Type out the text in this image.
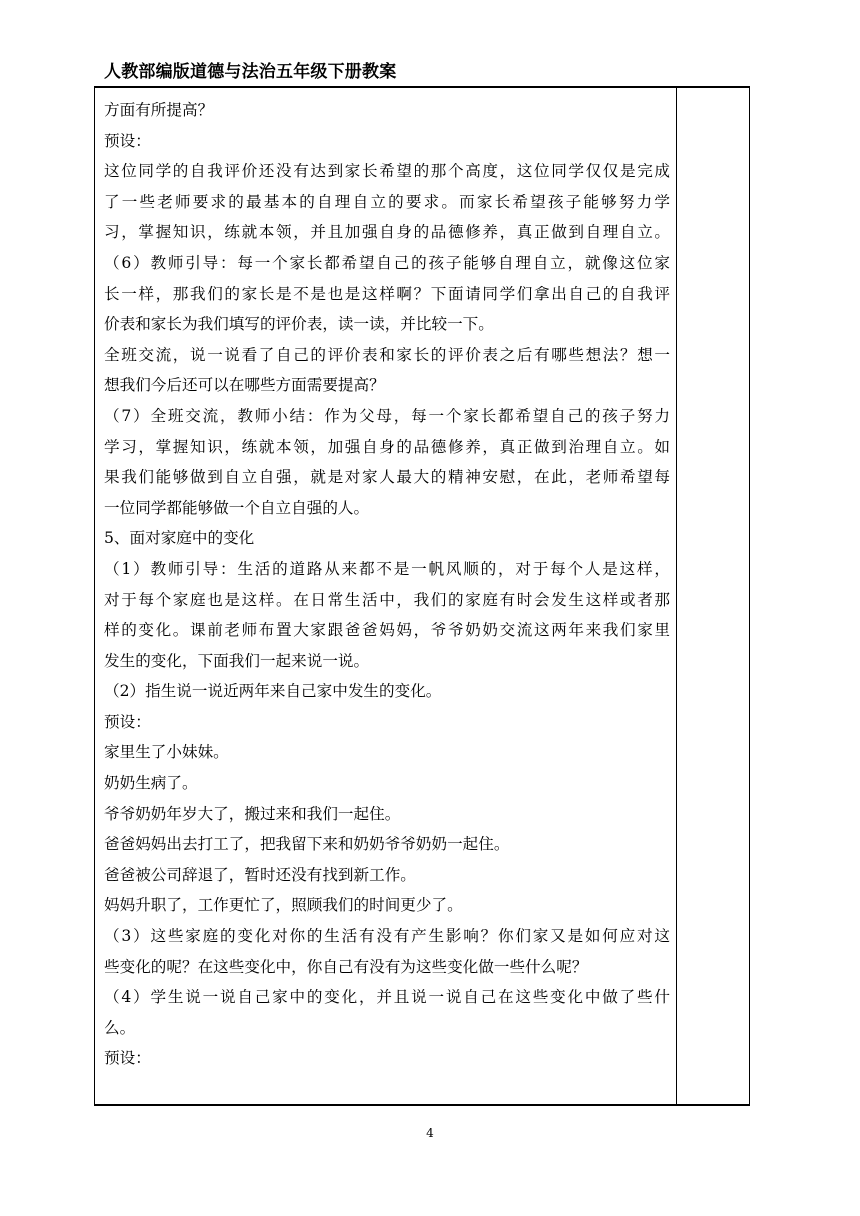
人教部编版道德与法治五年级下册教案
方面有所提高？
预设：
这位同学的自我评价还没有达到家长希望的那个高度，这位同学仅仅是完成
了一些老师要求的最基本的自理自立的要求。而家长希望孩子能够努力学
习，掌握知识，练就本领，并且加强自身的品德修养，真正做到自理自立。
（6）教师引导：每一个家长都希望自己的孩子能够自理自立，就像这位家
长一样，那我们的家长是不是也是这样啊？下面请同学们拿出自己的自我评
价表和家长为我们填写的评价表，读一读，并比较一下。
全班交流，说一说看了自己的评价表和家长的评价表之后有哪些想法？想一
想我们今后还可以在哪些方面需要提高？
（7）全班交流，教师小结：作为父母，每一个家长都希望自己的孩子努力
学习，掌握知识，练就本领，加强自身的品德修养，真正做到治理自立。如
果我们能够做到自立自强，就是对家人最大的精神安慰，在此，老师希望每
一位同学都能够做一个自立自强的人。
5、面对家庭中的变化
（1）教师引导：生活的道路从来都不是一帆风顺的，对于每个人是这样，
对于每个家庭也是这样。在日常生活中，我们的家庭有时会发生这样或者那
样的变化。课前老师布置大家跟爸爸妈妈，爷爷奶奶交流这两年来我们家里
发生的变化，下面我们一起来说一说。
（2）指生说一说近两年来自己家中发生的变化。
预设：
家里生了小妹妹。
奶奶生病了。
爷爷奶奶年岁大了，搬过来和我们一起住。
爸爸妈妈出去打工了，把我留下来和奶奶爷爷奶奶一起住。
爸爸被公司辞退了，暂时还没有找到新工作。
妈妈升职了，工作更忙了，照顾我们的时间更少了。
（3）这些家庭的变化对你的生活有没有产生影响？你们家又是如何应对这
些变化的呢？在这些变化中，你自己有没有为这些变化做一些什么呢？
（4）学生说一说自己家中的变化，并且说一说自己在这些变化中做了些什
么。
预设：
4
